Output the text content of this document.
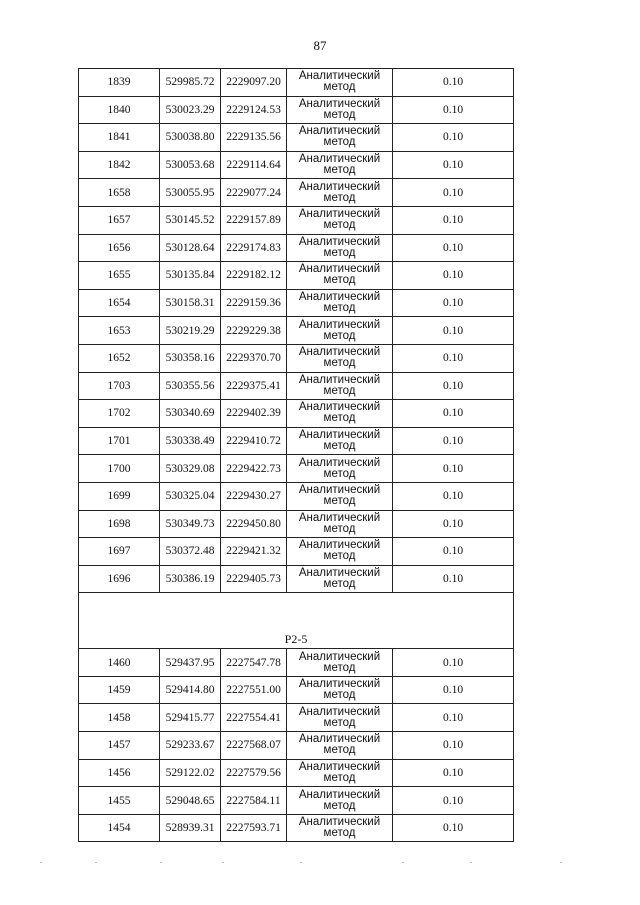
87
1839	529985.72	2229097.20	Аналитический
метод	0.10
1840	530023.29	2229124.53	Аналитический
метод	0.10
1841	530038.80	2229135.56	Аналитический
метод	0.10
1842	530053.68	2229114.64	Аналитический
метод	0.10
1658	530055.95	2229077.24	Аналитический
метод	0.10
1657	530145.52	2229157.89	Аналитический
метод	0.10
1656	530128.64	2229174.83	Аналитический
метод	0.10
1655	530135.84	2229182.12	Аналитический
метод	0.10
1654	530158.31	2229159.36	Аналитический
метод	0.10
1653	530219.29	2229229.38	Аналитический
метод	0.10
1652	530358.16	2229370.70	Аналитический
метод	0.10
1703	530355.56	2229375.41	Аналитический
метод	0.10
1702	530340.69	2229402.39	Аналитический
метод	0.10
1701	530338.49	2229410.72	Аналитический
метод	0.10
1700	530329.08	2229422.73	Аналитический
метод	0.10
1699	530325.04	2229430.27	Аналитический
метод	0.10
1698	530349.73	2229450.80	Аналитический
метод	0.10
1697	530372.48	2229421.32	Аналитический
метод	0.10
1696	530386.19	2229405.73	Аналитический
метод	0.10

Р2-5				
1460	529437.95	2227547.78	Аналитический
метод	0.10
1459	529414.80	2227551.00	Аналитический
метод	0.10
1458	529415.77	2227554.41	Аналитический
метод	0.10
1457	529233.67	2227568.07	Аналитический
метод	0.10
1456	529122.02	2227579.56	Аналитический
метод	0.10
1455	529048.65	2227584.11	Аналитический
метод	0.10
1454	528939.31	2227593.71	Аналитический
метод	0.10
